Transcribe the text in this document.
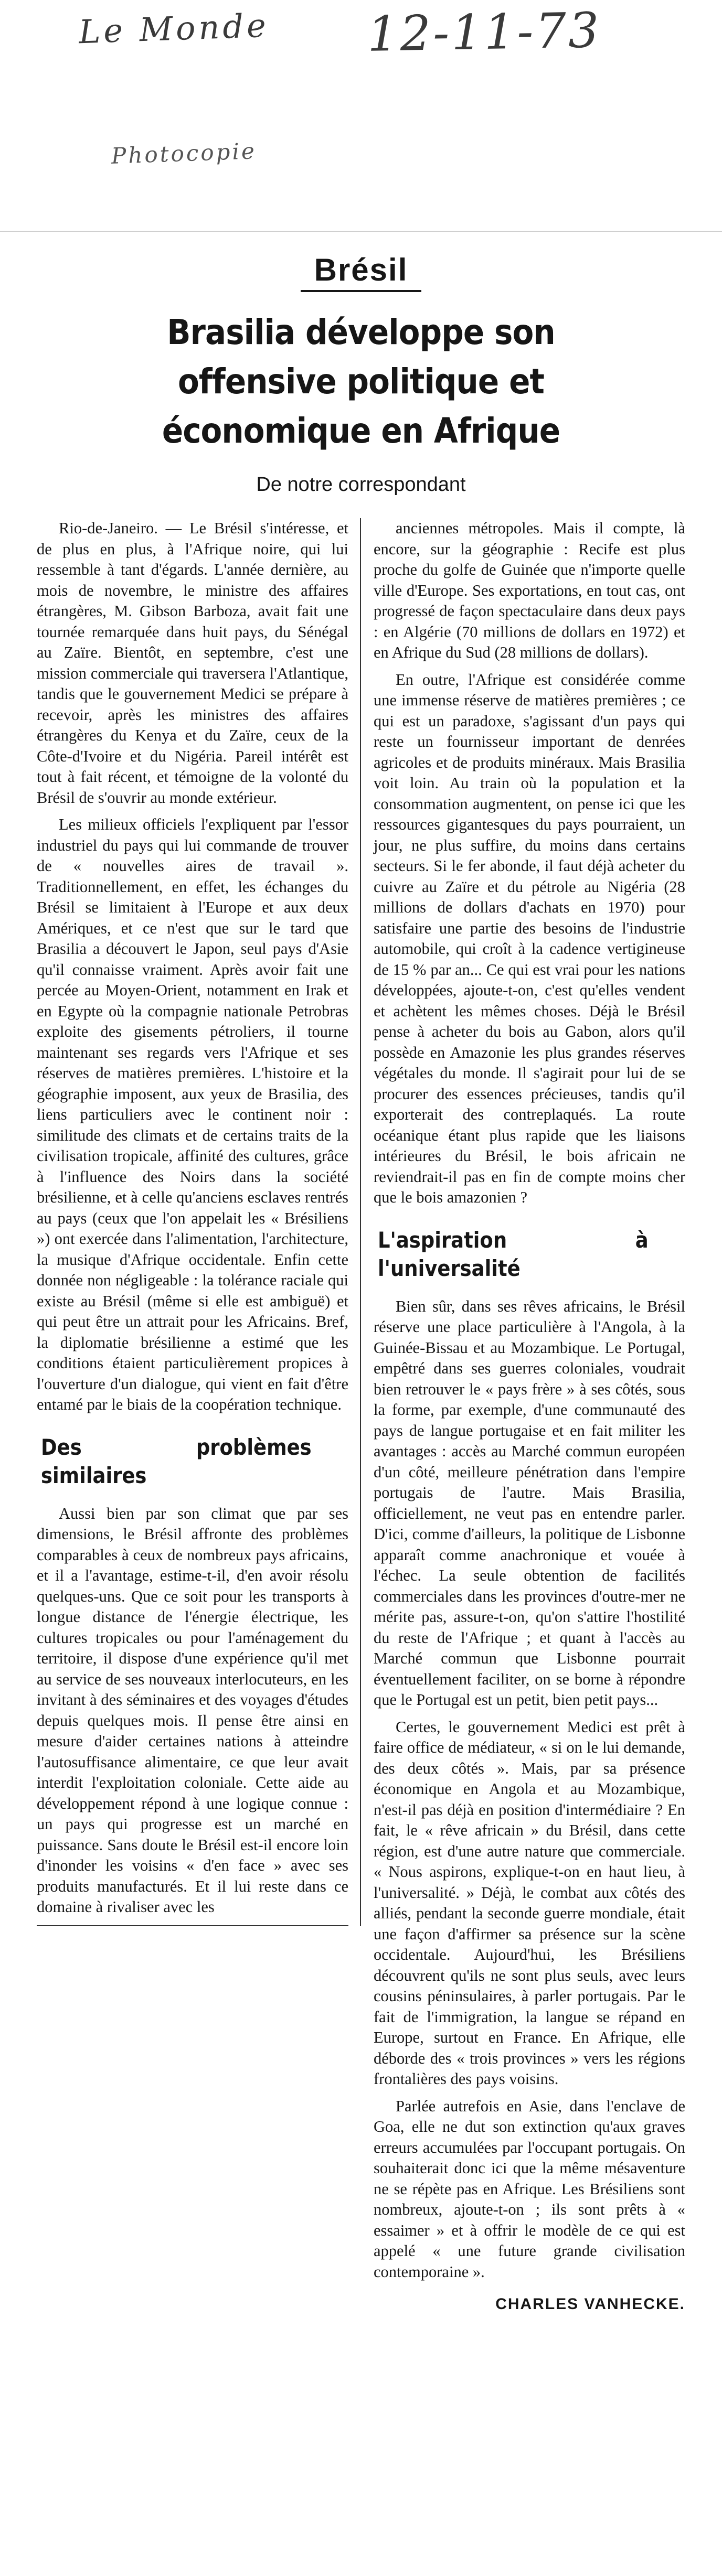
Le Monde 12-11-73
Photocopie
Brésil
Brasilia développe son offensive politique et économique en Afrique
De notre correspondant

Rio-de-Janeiro. — Le Brésil s'intéresse, et de plus en plus, à l'Afrique noire, qui lui ressemble à tant d'égards. L'année dernière, au mois de novembre, le ministre des affaires étrangères, M. Gibson Barboza, avait fait une tournée remarquée dans huit pays, du Sénégal au Zaïre. Bientôt, en septembre, c'est une mission commerciale qui traversera l'Atlantique, tandis que le gouvernement Medici se prépare à recevoir, après les ministres des affaires étrangères du Kenya et du Zaïre, ceux de la Côte-d'Ivoire et du Nigéria. Pareil intérêt est tout à fait récent, et témoigne de la volonté du Brésil de s'ouvrir au monde extérieur.

Les milieux officiels l'expliquent par l'essor industriel du pays qui lui commande de trouver de « nouvelles aires de travail ». Traditionnellement, en effet, les échanges du Brésil se limitaient à l'Europe et aux deux Amériques, et ce n'est que sur le tard que Brasilia a découvert le Japon, seul pays d'Asie qu'il connaisse vraiment. Après avoir fait une percée au Moyen-Orient, notamment en Irak et en Egypte où la compagnie nationale Petrobras exploite des gisements pétroliers, il tourne maintenant ses regards vers l'Afrique et ses réserves de matières premières. L'histoire et la géographie imposent, aux yeux de Brasilia, des liens particuliers avec le continent noir : similitude des climats et de certains traits de la civilisation tropicale, affinité des cultures, grâce à l'influence des Noirs dans la société brésilienne, et à celle qu'anciens esclaves rentrés au pays (ceux que l'on appelait les « Brésiliens ») ont exercée dans l'alimentation, l'architecture, la musique d'Afrique occidentale. Enfin cette donnée non négligeable : la tolérance raciale qui existe au Brésil (même si elle est ambiguë) et qui peut être un attrait pour les Africains. Bref, la diplomatie brésilienne a estimé que les conditions étaient particulièrement propices à l'ouverture d'un dialogue, qui vient en fait d'être entamé par le biais de la coopération technique.

Des problèmes similaires

Aussi bien par son climat que par ses dimensions, le Brésil affronte des problèmes comparables à ceux de nombreux pays africains, et il a l'avantage, estime-t-il, d'en avoir résolu quelques-uns. Que ce soit pour les transports à longue distance de l'énergie électrique, les cultures tropicales ou pour l'aménagement du territoire, il dispose d'une expérience qu'il met au service de ses nouveaux interlocuteurs, en les invitant à des séminaires et des voyages d'études depuis quelques mois. Il pense être ainsi en mesure d'aider certaines nations à atteindre l'autosuffisance alimentaire, ce que leur avait interdit l'exploitation coloniale. Cette aide au développement répond à une logique connue : un pays qui progresse est un marché en puissance. Sans doute le Brésil est-il encore loin d'inonder les voisins « d'en face » avec ses produits manufacturés. Et il lui reste dans ce domaine à rivaliser avec les

anciennes métropoles. Mais il compte, là encore, sur la géographie : Recife est plus proche du golfe de Guinée que n'importe quelle ville d'Europe. Ses exportations, en tout cas, ont progressé de façon spectaculaire dans deux pays : en Algérie (70 millions de dollars en 1972) et en Afrique du Sud (28 millions de dollars).

En outre, l'Afrique est considérée comme une immense réserve de matières premières ; ce qui est un paradoxe, s'agissant d'un pays qui reste un fournisseur important de denrées agricoles et de produits minéraux. Mais Brasilia voit loin. Au train où la population et la consommation augmentent, on pense ici que les ressources gigantesques du pays pourraient, un jour, ne plus suffire, du moins dans certains secteurs. Si le fer abonde, il faut déjà acheter du cuivre au Zaïre et du pétrole au Nigéria (28 millions de dollars d'achats en 1970) pour satisfaire une partie des besoins de l'industrie automobile, qui croît à la cadence vertigineuse de 15 % par an... Ce qui est vrai pour les nations développées, ajoute-t-on, c'est qu'elles vendent et achètent les mêmes choses. Déjà le Brésil pense à acheter du bois au Gabon, alors qu'il possède en Amazonie les plus grandes réserves végétales du monde. Il s'agirait pour lui de se procurer des essences précieuses, tandis qu'il exporterait des contreplaqués. La route océanique étant plus rapide que les liaisons intérieures du Brésil, le bois africain ne reviendrait-il pas en fin de compte moins cher que le bois amazonien ?

L'aspiration à l'universalité

Bien sûr, dans ses rêves africains, le Brésil réserve une place particulière à l'Angola, à la Guinée-Bissau et au Mozambique. Le Portugal, empêtré dans ses guerres coloniales, voudrait bien retrouver le « pays frère » à ses côtés, sous la forme, par exemple, d'une communauté des pays de langue portugaise et en fait militer les avantages : accès au Marché commun européen d'un côté, meilleure pénétration dans l'empire portugais de l'autre. Mais Brasilia, officiellement, ne veut pas en entendre parler. D'ici, comme d'ailleurs, la politique de Lisbonne apparaît comme anachronique et vouée à l'échec. La seule obtention de facilités commerciales dans les provinces d'outre-mer ne mérite pas, assure-t-on, qu'on s'attire l'hostilité du reste de l'Afrique ; et quant à l'accès au Marché commun que Lisbonne pourrait éventuellement faciliter, on se borne à répondre que le Portugal est un petit, bien petit pays...

Certes, le gouvernement Medici est prêt à faire office de médiateur, « si on le lui demande, des deux côtés ». Mais, par sa présence économique en Angola et au Mozambique, n'est-il pas déjà en position d'intermédiaire ? En fait, le « rêve africain » du Brésil, dans cette région, est d'une autre nature que commerciale. « Nous aspirons, explique-t-on en haut lieu, à l'universalité. » Déjà, le combat aux côtés des alliés, pendant la seconde guerre mondiale, était une façon d'affirmer sa présence sur la scène occidentale. Aujourd'hui, les Brésiliens découvrent qu'ils ne sont plus seuls, avec leurs cousins péninsulaires, à parler portugais. Par le fait de l'immigration, la langue se répand en Europe, surtout en France. En Afrique, elle déborde des « trois provinces » vers les régions frontalières des pays voisins.

Parlée autrefois en Asie, dans l'enclave de Goa, elle ne dut son extinction qu'aux graves erreurs accumulées par l'occupant portugais. On souhaiterait donc ici que la même mésaventure ne se répète pas en Afrique. Les Brésiliens sont nombreux, ajoute-t-on ; ils sont prêts à « essaimer » et à offrir le modèle de ce qui est appelé « une future grande civilisation contemporaine ».

CHARLES VANHECKE.
